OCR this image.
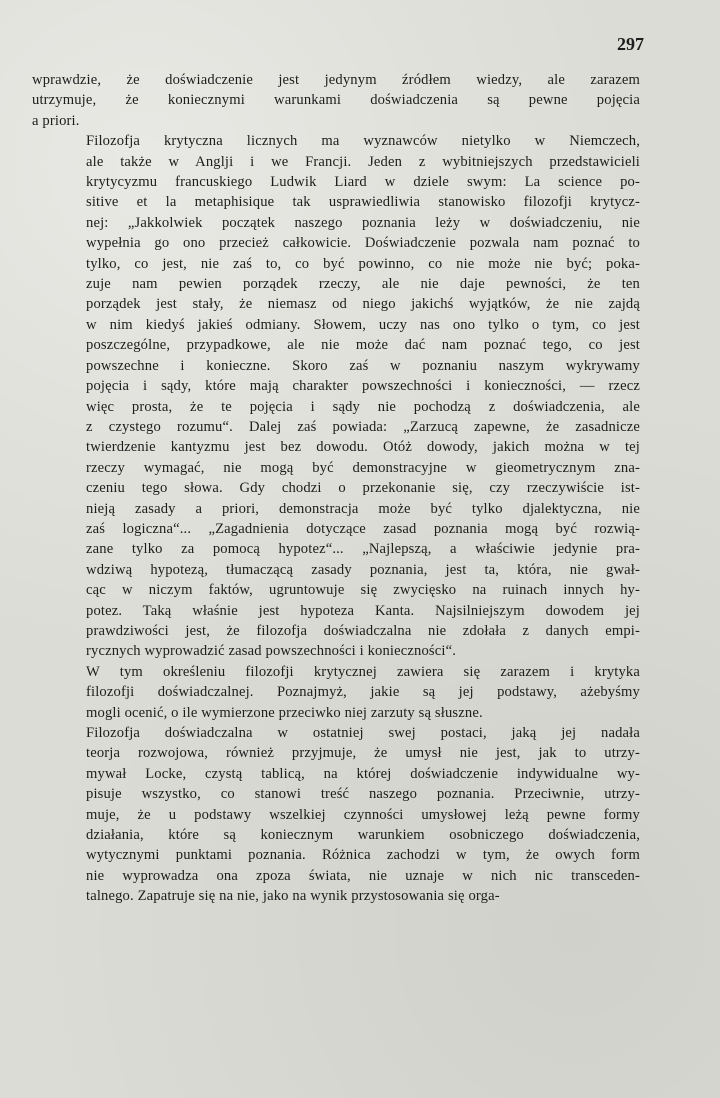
297

wprawdzie, że doświadczenie jest jedynym źródłem wiedzy, ale zarazem
utrzymuje, że koniecznymi warunkami doświadczenia są pewne pojęcia
a priori.

Filozofja krytyczna licznych ma wyznawców nietylko w Niemczech,
ale także w Anglji i we Francji. Jeden z wybitniejszych przedstawicieli
krytycyzmu francuskiego Ludwik Liard w dziele swym: La science po-
sitive et la metaphisique tak usprawiedliwia stanowisko filozofji krytycz-
nej: „Jakkolwiek początek naszego poznania leży w doświadczeniu, nie
wypełnia go ono przecież całkowicie. Doświadczenie pozwala nam poznać to
tylko, co jest, nie zaś to, co być powinno, co nie może nie być; poka-
zuje nam pewien porządek rzeczy, ale nie daje pewności, że ten
porządek jest stały, że niemasz od niego jakichś wyjątków, że nie zajdą
w nim kiedyś jakieś odmiany. Słowem, uczy nas ono tylko o tym, co jest
poszczególne, przypadkowe, ale nie może dać nam poznać tego, co jest
powszechne i konieczne. Skoro zaś w poznaniu naszym wykrywamy
pojęcia i sądy, które mają charakter powszechności i konieczności, — rzecz
więc prosta, że te pojęcia i sądy nie pochodzą z doświadczenia, ale
z czystego rozumu“. Dalej zaś powiada: „Zarzucą zapewne, że zasadnicze
twierdzenie kantyzmu jest bez dowodu. Otóż dowody, jakich można w tej
rzeczy wymagać, nie mogą być demonstracyjne w gieometrycznym zna-
czeniu tego słowa. Gdy chodzi o przekonanie się, czy rzeczywiście ist-
nieją zasady a priori, demonstracja może być tylko djalektyczna, nie
zaś logiczna“... „Zagadnienia dotyczące zasad poznania mogą być rozwią-
zane tylko za pomocą hypotez“... „Najlepszą, a właściwie jedynie pra-
wdziwą hypotezą, tłumaczącą zasady poznania, jest ta, która, nie gwał-
cąc w niczym faktów, ugruntowuje się zwycięsko na ruinach innych hy-
potez. Taką właśnie jest hypoteza Kanta. Najsilniejszym dowodem jej
prawdziwości jest, że filozofja doświadczalna nie zdołała z danych empi-
rycznych wyprowadzić zasad powszechności i konieczności“.

W tym określeniu filozofji krytycznej zawiera się zarazem i krytyka
filozofji doświadczalnej. Poznajmyż, jakie są jej podstawy, ażebyśmy
mogli ocenić, o ile wymierzone przeciwko niej zarzuty są słuszne.

Filozofja doświadczalna w ostatniej swej postaci, jaką jej nadała
teorja rozwojowa, również przyjmuje, że umysł nie jest, jak to utrzy-
mywał Locke, czystą tablicą, na której doświadczenie indywidualne wy-
pisuje wszystko, co stanowi treść naszego poznania. Przeciwnie, utrzy-
muje, że u podstawy wszelkiej czynności umysłowej leżą pewne formy
działania, które są koniecznym warunkiem osobniczego doświadczenia,
wytycznymi punktami poznania. Różnica zachodzi w tym, że owych form
nie wyprowadza ona zpoza świata, nie uznaje w nich nic transceden-
talnego. Zapatruje się na nie, jako na wynik przystosowania się orga-
